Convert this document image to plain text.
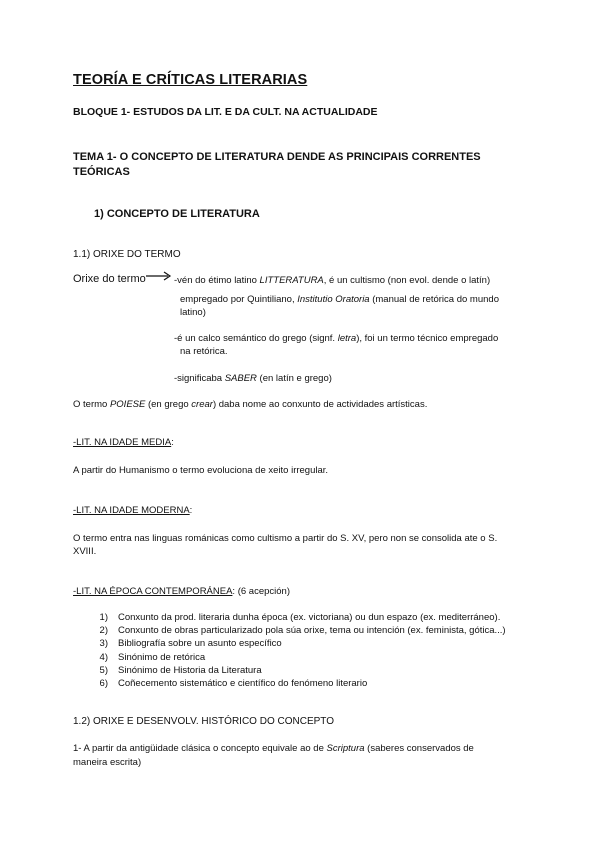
TEORÍA E CRÍTICAS LITERARIAS
BLOQUE 1- ESTUDOS DA LIT. E DA CULT. NA ACTUALIDADE
TEMA 1- O CONCEPTO DE LITERATURA DENDE AS PRINCIPAIS CORRENTES
TEÓRICAS
1) CONCEPTO DE LITERATURA
1.1) ORIXE DO TERMO
Orixe do termo	-vén do étimo latino LITTERATURA, é un cultismo (non evol. dende o latín)
empregado por Quintiliano, Institutio Oratoria (manual de retórica do mundo
latino)
-é un calco semántico do grego (signf. letra), foi un termo técnico empregado
na retórica.
-significaba SABER (en latín e grego)
O termo POIESE (en grego crear) daba nome ao conxunto de actividades artísticas.
-LIT. NA IDADE MEDIA:
A partir do Humanismo o termo evoluciona de xeito irregular.
-LIT. NA IDADE MODERNA:
O termo entra nas linguas románicas como cultismo a partir do S. XV, pero non se consolida ate o S.
XVIII.
-LIT. NA ÉPOCA CONTEMPORÁNEA: (6 acepción)
1) Conxunto da prod. literaria dunha época (ex. victoriana) ou dun espazo (ex. mediterráneo).
2) Conxunto de obras particularizado pola súa orixe, tema ou intención (ex. feminista, gótica...)
3) Bibliografía sobre un asunto específico
4) Sinónimo de retórica
5) Sinónimo de Historia da Literatura
6) Coñecemento sistemático e científico do fenómeno literario
1.2) ORIXE E DESENVOLV. HISTÓRICO DO CONCEPTO
1- A partir da antigüidade clásica o concepto equivale ao de Scriptura (saberes conservados de
maneira escrita)
